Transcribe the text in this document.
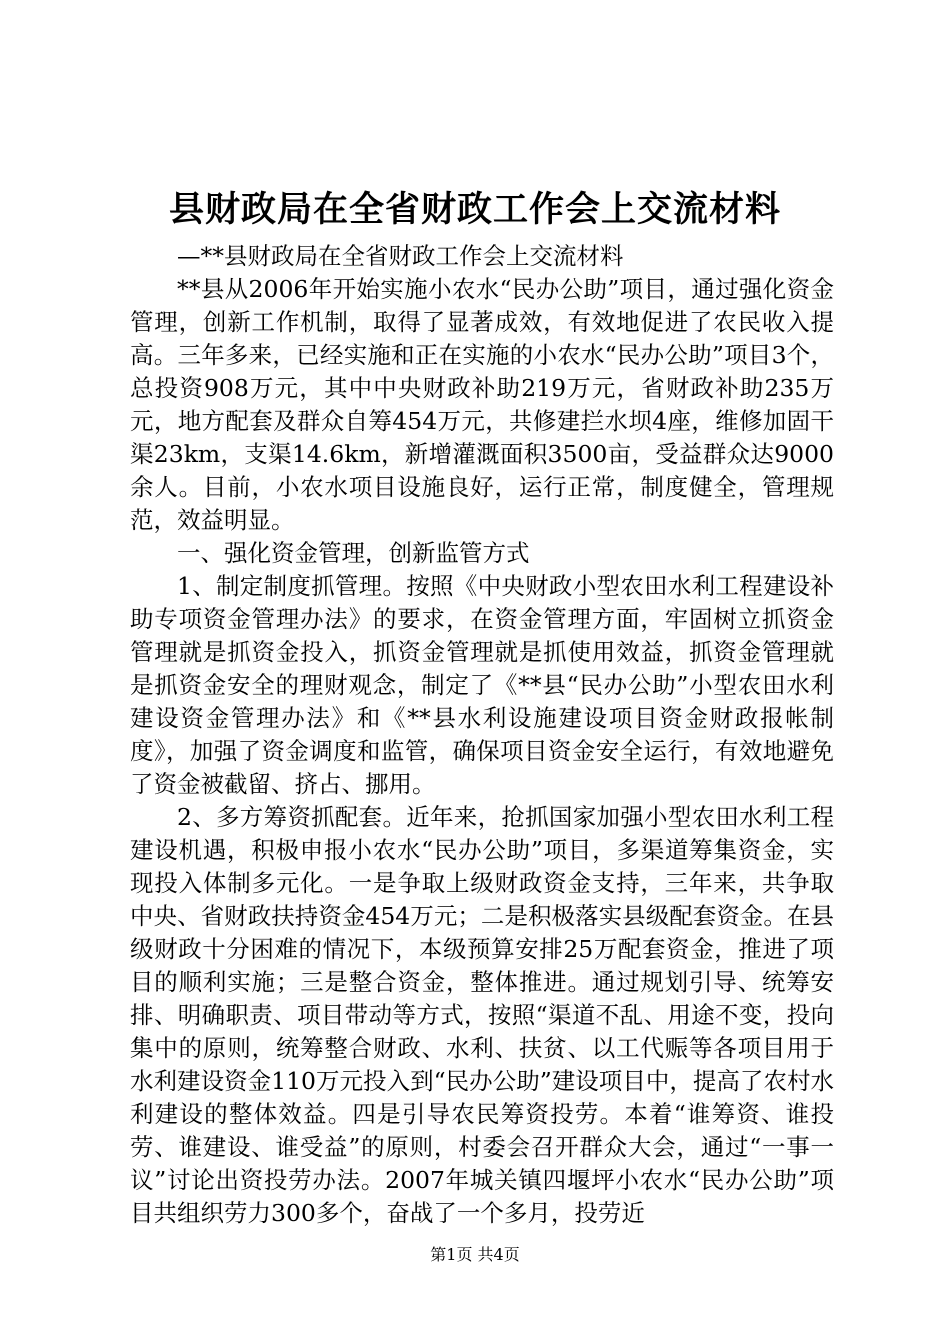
县财政局在全省财政工作会上交流材料

—**县财政局在全省财政工作会上交流材料

**县从2006年开始实施小农水“民办公助”项目，通过强化资金管理，创新工作机制，取得了显著成效，有效地促进了农民收入提高。三年多来，已经实施和正在实施的小农水“民办公助”项目3个，总投资908万元，其中中央财政补助219万元，省财政补助235万元，地方配套及群众自筹454万元，共修建拦水坝4座，维修加固干渠23km，支渠14.6km，新增灌溉面积3500亩，受益群众达9000余人。目前，小农水项目设施良好，运行正常，制度健全，管理规范，效益明显。

一、强化资金管理，创新监管方式

1、制定制度抓管理。按照《中央财政小型农田水利工程建设补助专项资金管理办法》的要求，在资金管理方面，牢固树立抓资金管理就是抓资金投入，抓资金管理就是抓使用效益，抓资金管理就是抓资金安全的理财观念，制定了《**县“民办公助”小型农田水利建设资金管理办法》和《**县水利设施建设项目资金财政报帐制度》，加强了资金调度和监管，确保项目资金安全运行，有效地避免了资金被截留、挤占、挪用。

2、多方筹资抓配套。近年来，抢抓国家加强小型农田水利工程建设机遇，积极申报小农水“民办公助”项目，多渠道筹集资金，实现投入体制多元化。一是争取上级财政资金支持，三年来，共争取中央、省财政扶持资金454万元；二是积极落实县级配套资金。在县级财政十分困难的情况下，本级预算安排25万配套资金，推进了项目的顺利实施；三是整合资金，整体推进。通过规划引导、统筹安排、明确职责、项目带动等方式，按照“渠道不乱、用途不变，投向集中的原则，统筹整合财政、水利、扶贫、以工代赈等各项目用于水利建设资金110万元投入到“民办公助”建设项目中，提高了农村水利建设的整体效益。四是引导农民筹资投劳。本着“谁筹资、谁投劳、谁建设、谁受益”的原则，村委会召开群众大会，通过“一事一议”讨论出资投劳办法。2007年城关镇四堰坪小农水“民办公助”项目共组织劳力300多个，奋战了一个多月，投劳近

第1页 共4页
